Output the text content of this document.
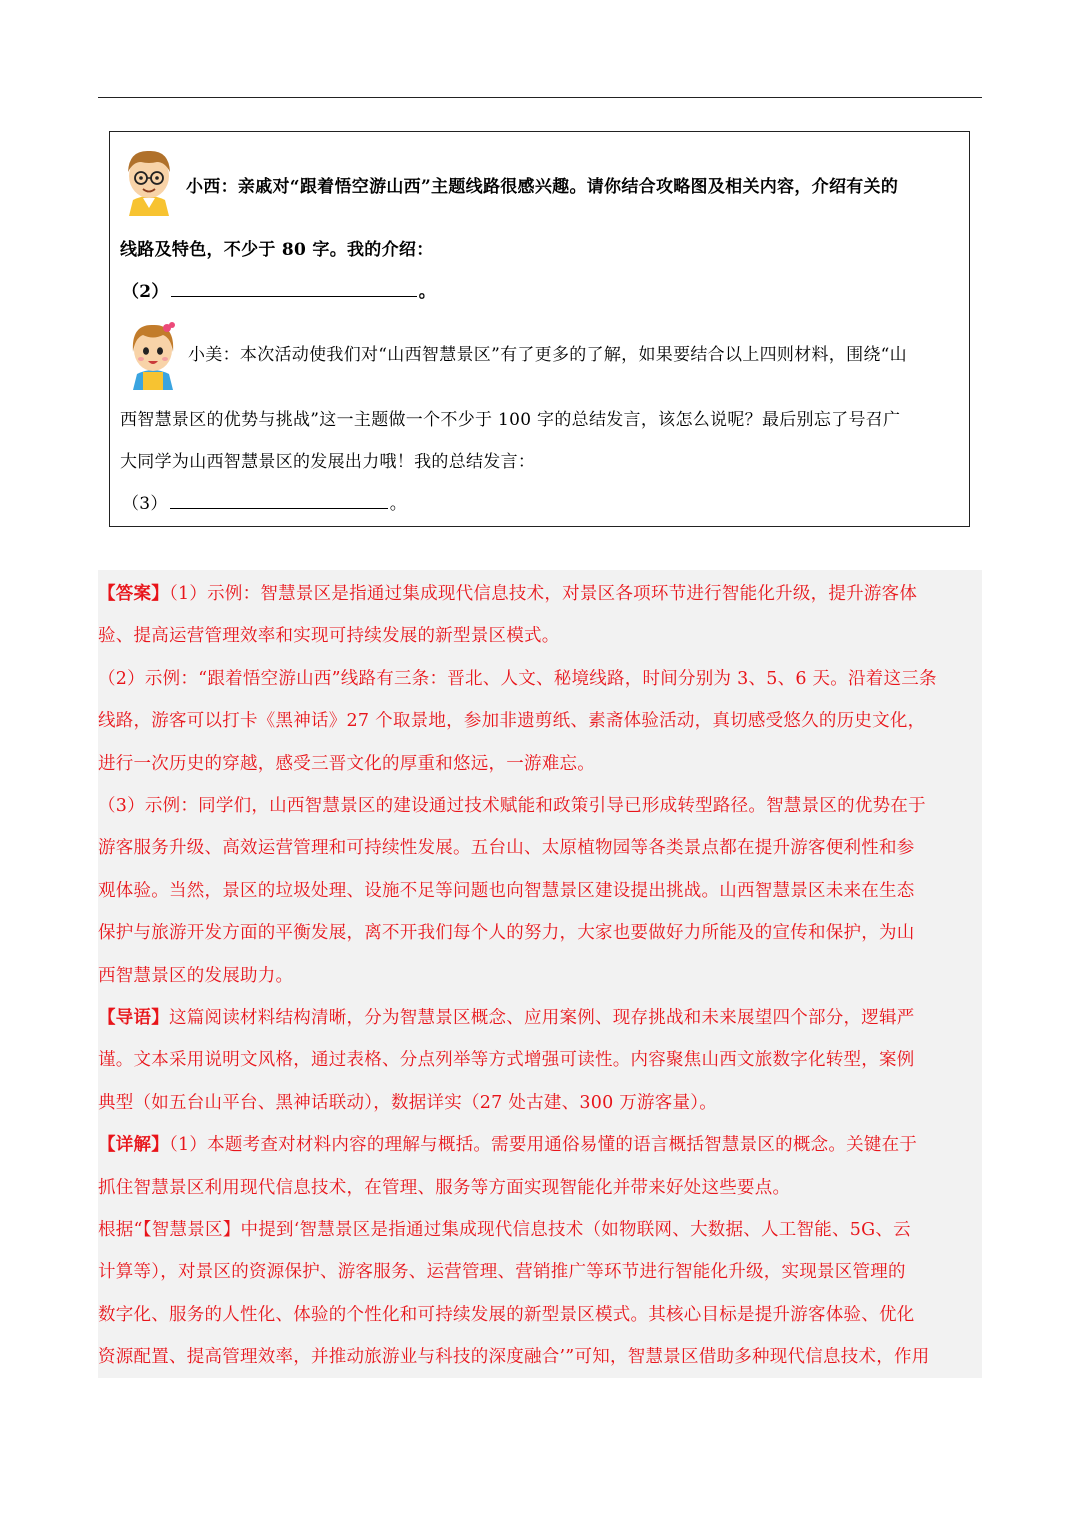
小西：亲戚对“跟着悟空游山西”主题线路很感兴趣。请你结合攻略图及相关内容，介绍有关的
线路及特色，不少于 80 字。我的介绍：
（2）	。
小美：本次活动使我们对“山西智慧景区”有了更多的了解，如果要结合以上四则材料，围绕“山
西智慧景区的优势与挑战”这一主题做一个不少于 100 字的总结发言，该怎么说呢？最后别忘了号召广
大同学为山西智慧景区的发展出力哦！我的总结发言：
（3）	。
【答案】（1）示例：智慧景区是指通过集成现代信息技术，对景区各项环节进行智能化升级，提升游客体
验、提高运营管理效率和实现可持续发展的新型景区模式。
（2）示例：“跟着悟空游山西”线路有三条：晋北、人文、秘境线路，时间分别为 3、5、6 天。沿着这三条
线路，游客可以打卡《黑神话》27 个取景地，参加非遗剪纸、素斋体验活动，真切感受悠久的历史文化，
进行一次历史的穿越，感受三晋文化的厚重和悠远，一游难忘。
（3）示例：同学们，山西智慧景区的建设通过技术赋能和政策引导已形成转型路径。智慧景区的优势在于
游客服务升级、高效运营管理和可持续性发展。五台山、太原植物园等各类景点都在提升游客便利性和参
观体验。当然，景区的垃圾处理、设施不足等问题也向智慧景区建设提出挑战。山西智慧景区未来在生态
保护与旅游开发方面的平衡发展，离不开我们每个人的努力，大家也要做好力所能及的宣传和保护，为山
西智慧景区的发展助力。
【导语】这篇阅读材料结构清晰，分为智慧景区概念、应用案例、现存挑战和未来展望四个部分，逻辑严
谨。文本采用说明文风格，通过表格、分点列举等方式增强可读性。内容聚焦山西文旅数字化转型，案例
典型（如五台山平台、黑神话联动），数据详实（27 处古建、300 万游客量）。
【详解】（1）本题考查对材料内容的理解与概括。需要用通俗易懂的语言概括智慧景区的概念。关键在于
抓住智慧景区利用现代信息技术，在管理、服务等方面实现智能化并带来好处这些要点。
根据“【智慧景区】中提到‘智慧景区是指通过集成现代信息技术（如物联网、大数据、人工智能、5G、云
计算等），对景区的资源保护、游客服务、运营管理、营销推广等环节进行智能化升级，实现景区管理的
数字化、服务的人性化、体验的个性化和可持续发展的新型景区模式。其核心目标是提升游客体验、优化
资源配置、提高管理效率，并推动旅游业与科技的深度融合’”可知，智慧景区借助多种现代信息技术，作用
